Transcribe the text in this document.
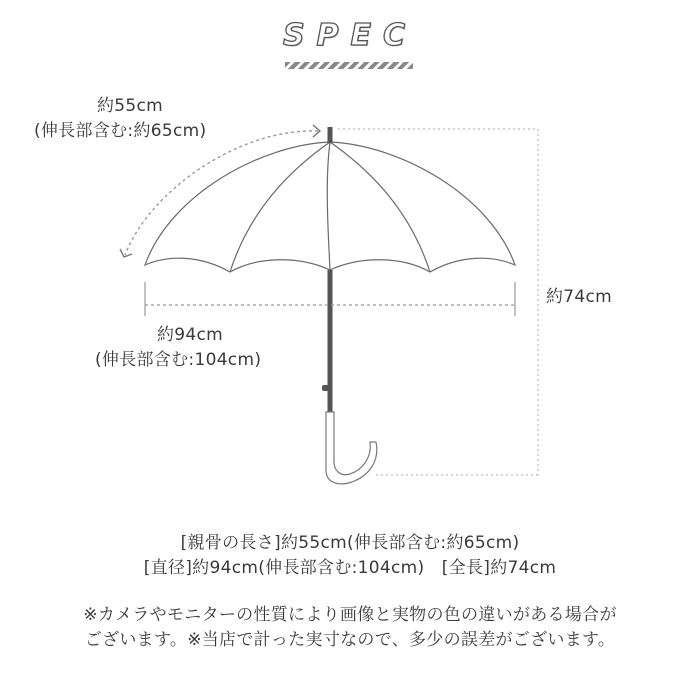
SPEC
約55cm
(伸長部含む:約65cm)
約94cm
(伸長部含む:104cm)
約74cm
[親骨の長さ]約55cm(伸長部含む:約65cm)
[直径]約94cm(伸長部含む:104cm)　[全長]約74cm
※カメラやモニターの性質により画像と実物の色の違いがある場合が
ございます。※当店で計った実寸なので、多少の誤差がございます。
